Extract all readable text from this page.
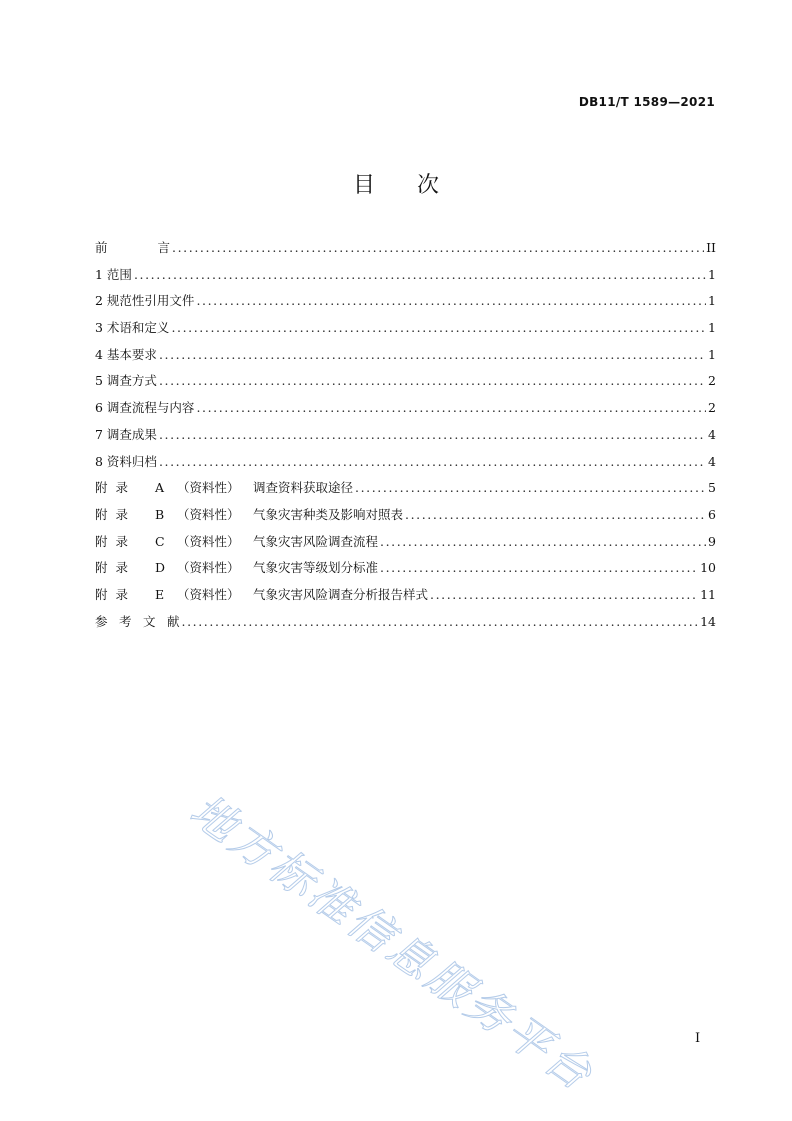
DB11/T 1589—2021
目 次
前	言 .....	II
1 范围 .....	1
2 规范性引用文件 .....	1
3 术语和定义 .....	1
4 基本要求 .....	1
5 调查方式 .....	2
6 调查流程与内容 .....	2
7 调查成果 .....	4
8 资料归档 .....	4
附  录 A （资料性） 调查资料获取途径 .....	5
附  录 B （资料性） 气象灾害种类及影响对照表 .....	6
附  录 C （资料性） 气象灾害风险调查流程 .....	9
附  录 D （资料性） 气象灾害等级划分标准 .....	10
附  录 E （资料性） 气象灾害风险调查分析报告样式 .....	11
参 考 文 献 .....	14
地方标准信息服务平台	I
